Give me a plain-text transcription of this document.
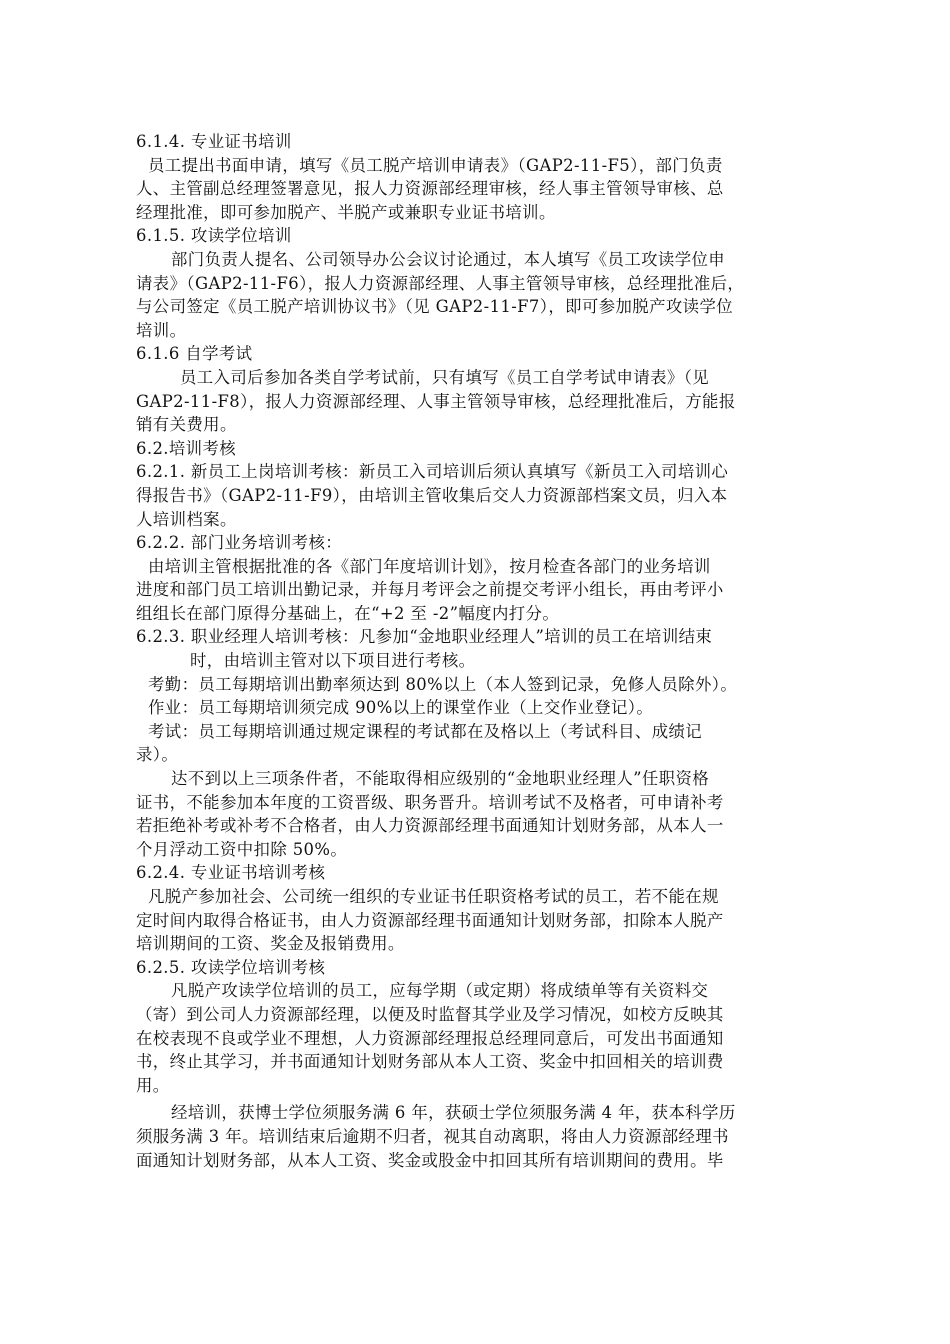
6.1.4. 专业证书培训
员工提出书面申请，填写《员工脱产培训申请表》（GAP2-11-F5），部门负责
人、主管副总经理签署意见，报人力资源部经理审核，经人事主管领导审核、总
经理批准，即可参加脱产、半脱产或兼职专业证书培训。
6.1.5. 攻读学位培训
部门负责人提名、公司领导办公会议讨论通过，本人填写《员工攻读学位申
请表》（GAP2-11-F6），报人力资源部经理、人事主管领导审核，总经理批准后，
与公司签定《员工脱产培训协议书》（见 GAP2-11-F7），即可参加脱产攻读学位
培训。
6.1.6 自学考试
员工入司后参加各类自学考试前，只有填写《员工自学考试申请表》（见
GAP2-11-F8），报人力资源部经理、人事主管领导审核，总经理批准后，方能报
销有关费用。
6.2.培训考核
6.2.1. 新员工上岗培训考核：新员工入司培训后须认真填写《新员工入司培训心
得报告书》（GAP2-11-F9），由培训主管收集后交人力资源部档案文员，归入本
人培训档案。
6.2.2. 部门业务培训考核：
由培训主管根据批准的各《部门年度培训计划》，按月检查各部门的业务培训
进度和部门员工培训出勤记录，并每月考评会之前提交考评小组长，再由考评小
组组长在部门原得分基础上，在“+2 至 -2”幅度内打分。
6.2.3. 职业经理人培训考核：凡参加“金地职业经理人”培训的员工在培训结束
时，由培训主管对以下项目进行考核。
考勤：员工每期培训出勤率须达到 80%以上（本人签到记录，免修人员除外）。
作业：员工每期培训须完成 90%以上的课堂作业（上交作业登记）。
考试：员工每期培训通过规定课程的考试都在及格以上（考试科目、成绩记
录）。
达不到以上三项条件者，不能取得相应级别的“金地职业经理人”任职资格
证书，不能参加本年度的工资晋级、职务晋升。培训考试不及格者，可申请补考
若拒绝补考或补考不合格者，由人力资源部经理书面通知计划财务部，从本人一
个月浮动工资中扣除 50%。
6.2.4. 专业证书培训考核
凡脱产参加社会、公司统一组织的专业证书任职资格考试的员工，若不能在规
定时间内取得合格证书，由人力资源部经理书面通知计划财务部，扣除本人脱产
培训期间的工资、奖金及报销费用。
6.2.5. 攻读学位培训考核
凡脱产攻读学位培训的员工，应每学期（或定期）将成绩单等有关资料交
（寄）到公司人力资源部经理，以便及时监督其学业及学习情况，如校方反映其
在校表现不良或学业不理想，人力资源部经理报总经理同意后，可发出书面通知
书，终止其学习，并书面通知计划财务部从本人工资、奖金中扣回相关的培训费
用。
经培训，获博士学位须服务满 6 年，获硕士学位须服务满 4 年，获本科学历
须服务满 3 年。培训结束后逾期不归者，视其自动离职，将由人力资源部经理书
面通知计划财务部，从本人工资、奖金或股金中扣回其所有培训期间的费用。毕
